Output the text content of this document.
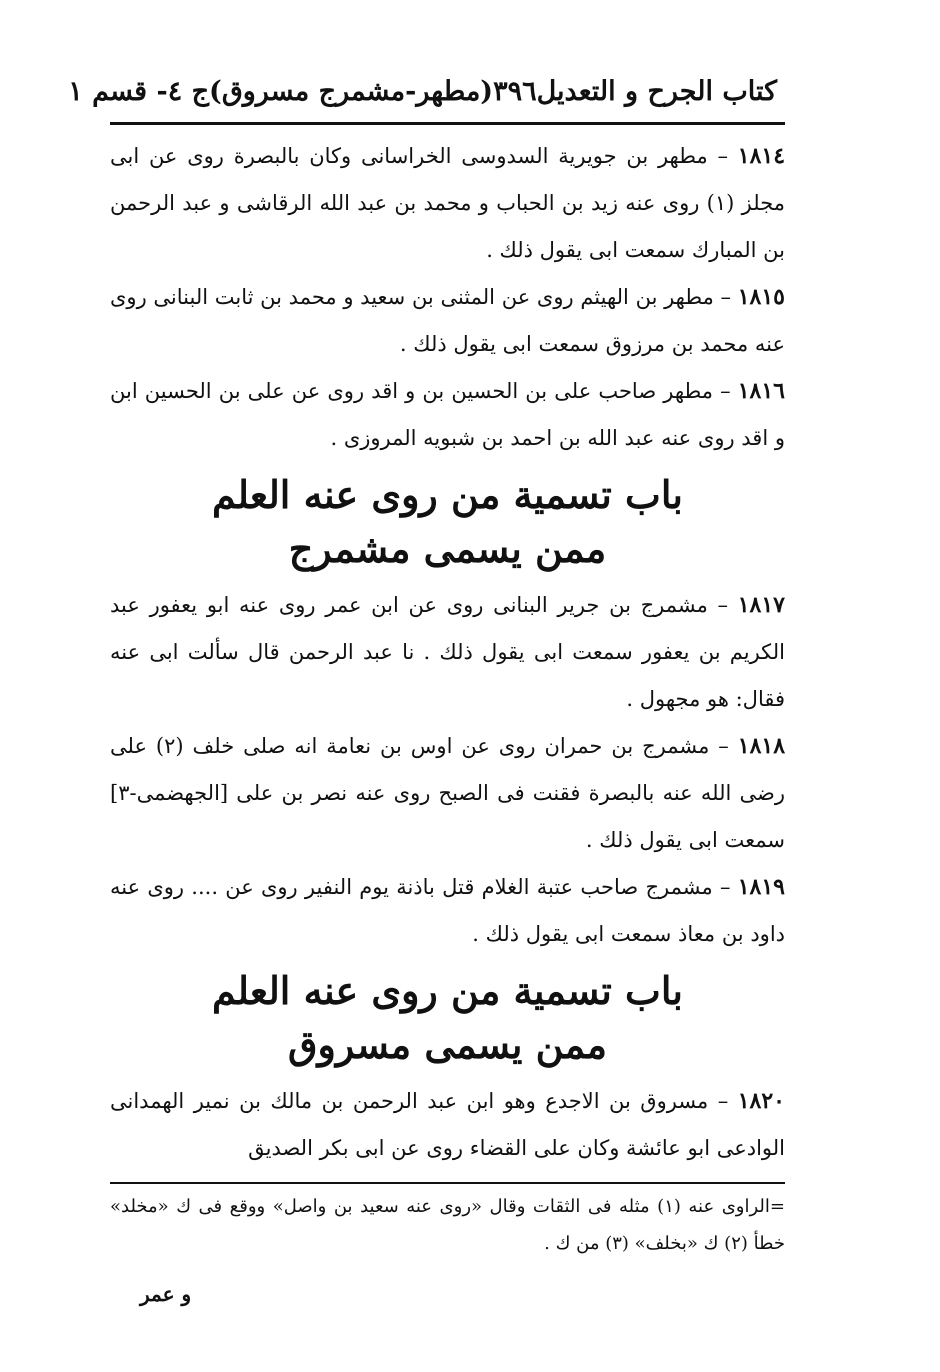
كتاب الجرح و التعديل
٣٩٦
(مطهر-مشمرج مسروق)
ج ٤- قسم ١
١٨١٤ – مطهر بن جويرية السدوسى الخراسانى وكان بالبصرة روى عن ابى مجلز (١) روى عنه زيد بن الحباب و محمد بن عبد الله الرقاشى و عبد الرحمن بن المبارك سمعت ابى يقول ذلك .
١٨١٥ – مطهر بن الهيثم روى عن المثنى بن سعيد و محمد بن ثابت البنانى روى عنه محمد بن مرزوق سمعت ابى يقول ذلك .
١٨١٦ – مطهر صاحب على بن الحسين بن و اقد روى عن على بن الحسين ابن و اقد روى عنه عبد الله بن احمد بن شبويه المروزى .
باب تسمية من روى عنه العلم
ممن يسمى مشمرج
١٨١٧ – مشمرج بن جرير البنانى روى عن ابن عمر روى عنه ابو يعفور عبد الكريم بن يعفور سمعت ابى يقول ذلك . نا عبد الرحمن قال سألت ابى عنه فقال: هو مجهول .
١٨١٨ – مشمرج بن حمران روى عن اوس بن نعامة انه صلى خلف (٢) على رضى الله عنه بالبصرة فقنت فى الصبح روى عنه نصر بن على [الجهضمى-٣] سمعت ابى يقول ذلك .
١٨١٩ – مشمرج صاحب عتبة الغلام قتل باذنة يوم النفير روى عن .... روى عنه داود بن معاذ سمعت ابى يقول ذلك .
باب تسمية من روى عنه العلم
ممن يسمى مسروق
١٨٢٠ – مسروق بن الاجدع وهو ابن عبد الرحمن بن مالك بن نمير الهمدانى الوادعى ابو عائشة وكان على القضاء روى عن ابى بكر الصديق
=الراوى عنه (١) مثله فى الثقات وقال «روى عنه سعيد بن واصل» ووقع فى ك «مخلد» خطأ (٢) ك «بخلف» (٣) من ك .
و عمر
